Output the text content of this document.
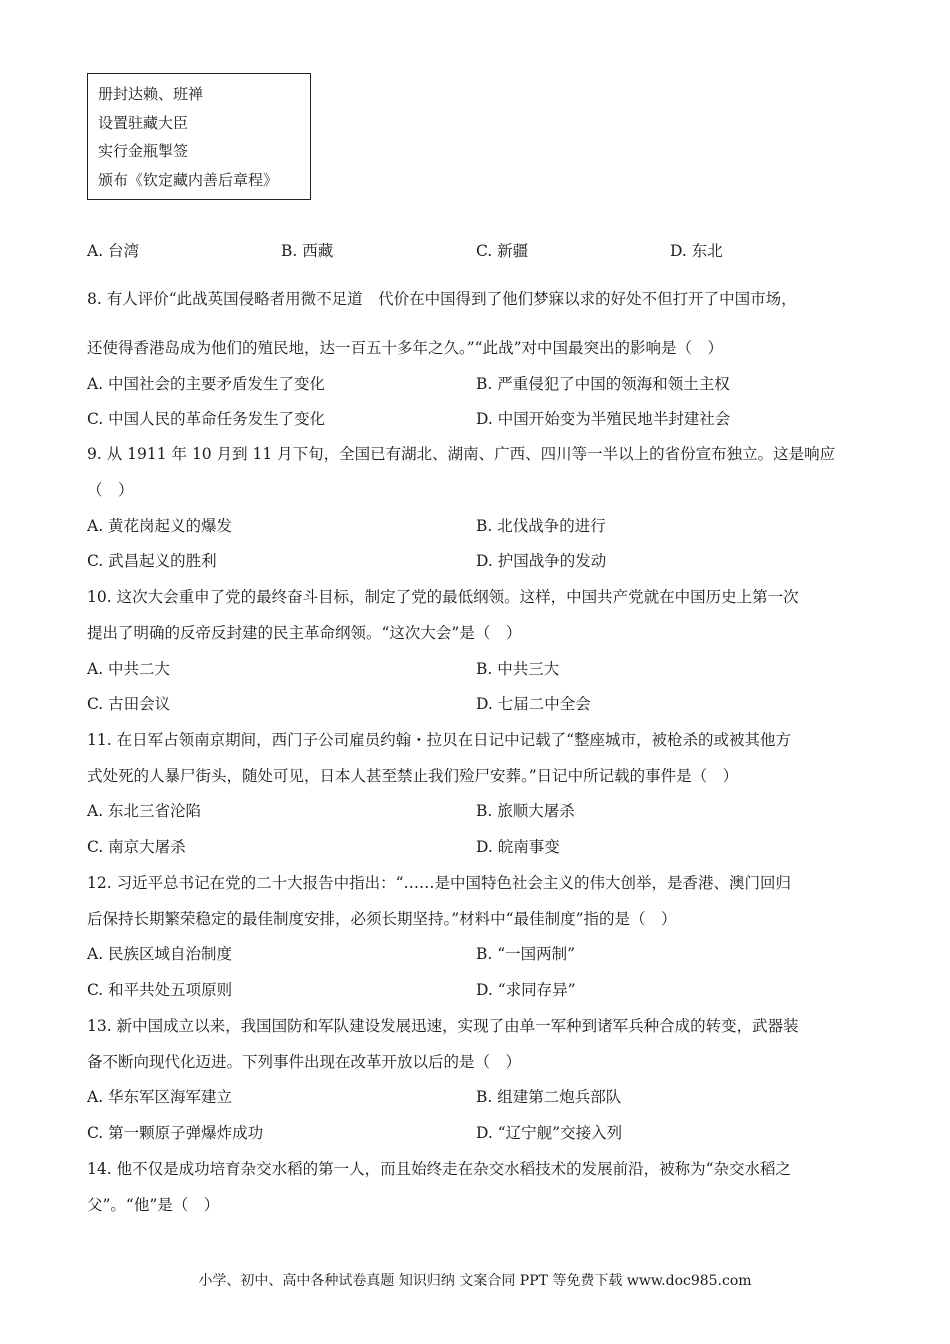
册封达赖、班禅
设置驻藏大臣
实行金瓶掣签
颁布《钦定藏内善后章程》
A. 台湾	B. 西藏	C. 新疆	D. 东北
8. 有人评价“此战英国侵略者用微不足道　代价在中国得到了他们梦寐以求的好处不但打开了中国市场，
还使得香港岛成为他们的殖民地，达一百五十多年之久。”“此战”对中国最突出的影响是（　）
A. 中国社会的主要矛盾发生了变化	B. 严重侵犯了中国的领海和领土主权
C. 中国人民的革命任务发生了变化	D. 中国开始变为半殖民地半封建社会
9. 从 1911 年 10 月到 11 月下旬，全国已有湖北、湖南、广西、四川等一半以上的省份宣布独立。这是响应
（　）
A. 黄花岗起义的爆发	B. 北伐战争的进行
C. 武昌起义的胜利	D. 护国战争的发动
10. 这次大会重申了党的最终奋斗目标，制定了党的最低纲领。这样，中国共产党就在中国历史上第一次
提出了明确的反帝反封建的民主革命纲领。“这次大会”是（　）
A. 中共二大	B. 中共三大
C. 古田会议	D. 七届二中全会
11. 在日军占领南京期间，西门子公司雇员约翰・拉贝在日记中记载了“整座城市，被枪杀的或被其他方
式处死的人暴尸街头，随处可见，日本人甚至禁止我们殓尸安葬。”日记中所记载的事件是（　）
A. 东北三省沦陷	B. 旅顺大屠杀
C. 南京大屠杀	D. 皖南事变
12. 习近平总书记在党的二十大报告中指出：“……是中国特色社会主义的伟大创举，是香港、澳门回归
后保持长期繁荣稳定的最佳制度安排，必须长期坚持。”材料中“最佳制度”指的是（　）
A. 民族区域自治制度	B. “一国两制”
C. 和平共处五项原则	D. “求同存异”
13. 新中国成立以来，我国国防和军队建设发展迅速，实现了由单一军种到诸军兵种合成的转变，武器装
备不断向现代化迈进。下列事件出现在改革开放以后的是（　）
A. 华东军区海军建立	B. 组建第二炮兵部队
C. 第一颗原子弹爆炸成功	D. “辽宁舰”交接入列
14. 他不仅是成功培育杂交水稻的第一人，而且始终走在杂交水稻技术的发展前沿，被称为“杂交水稻之
父”。“他”是（　）
小学、初中、高中各种试卷真题 知识归纳 文案合同 PPT 等免费下载 www.doc985.com
